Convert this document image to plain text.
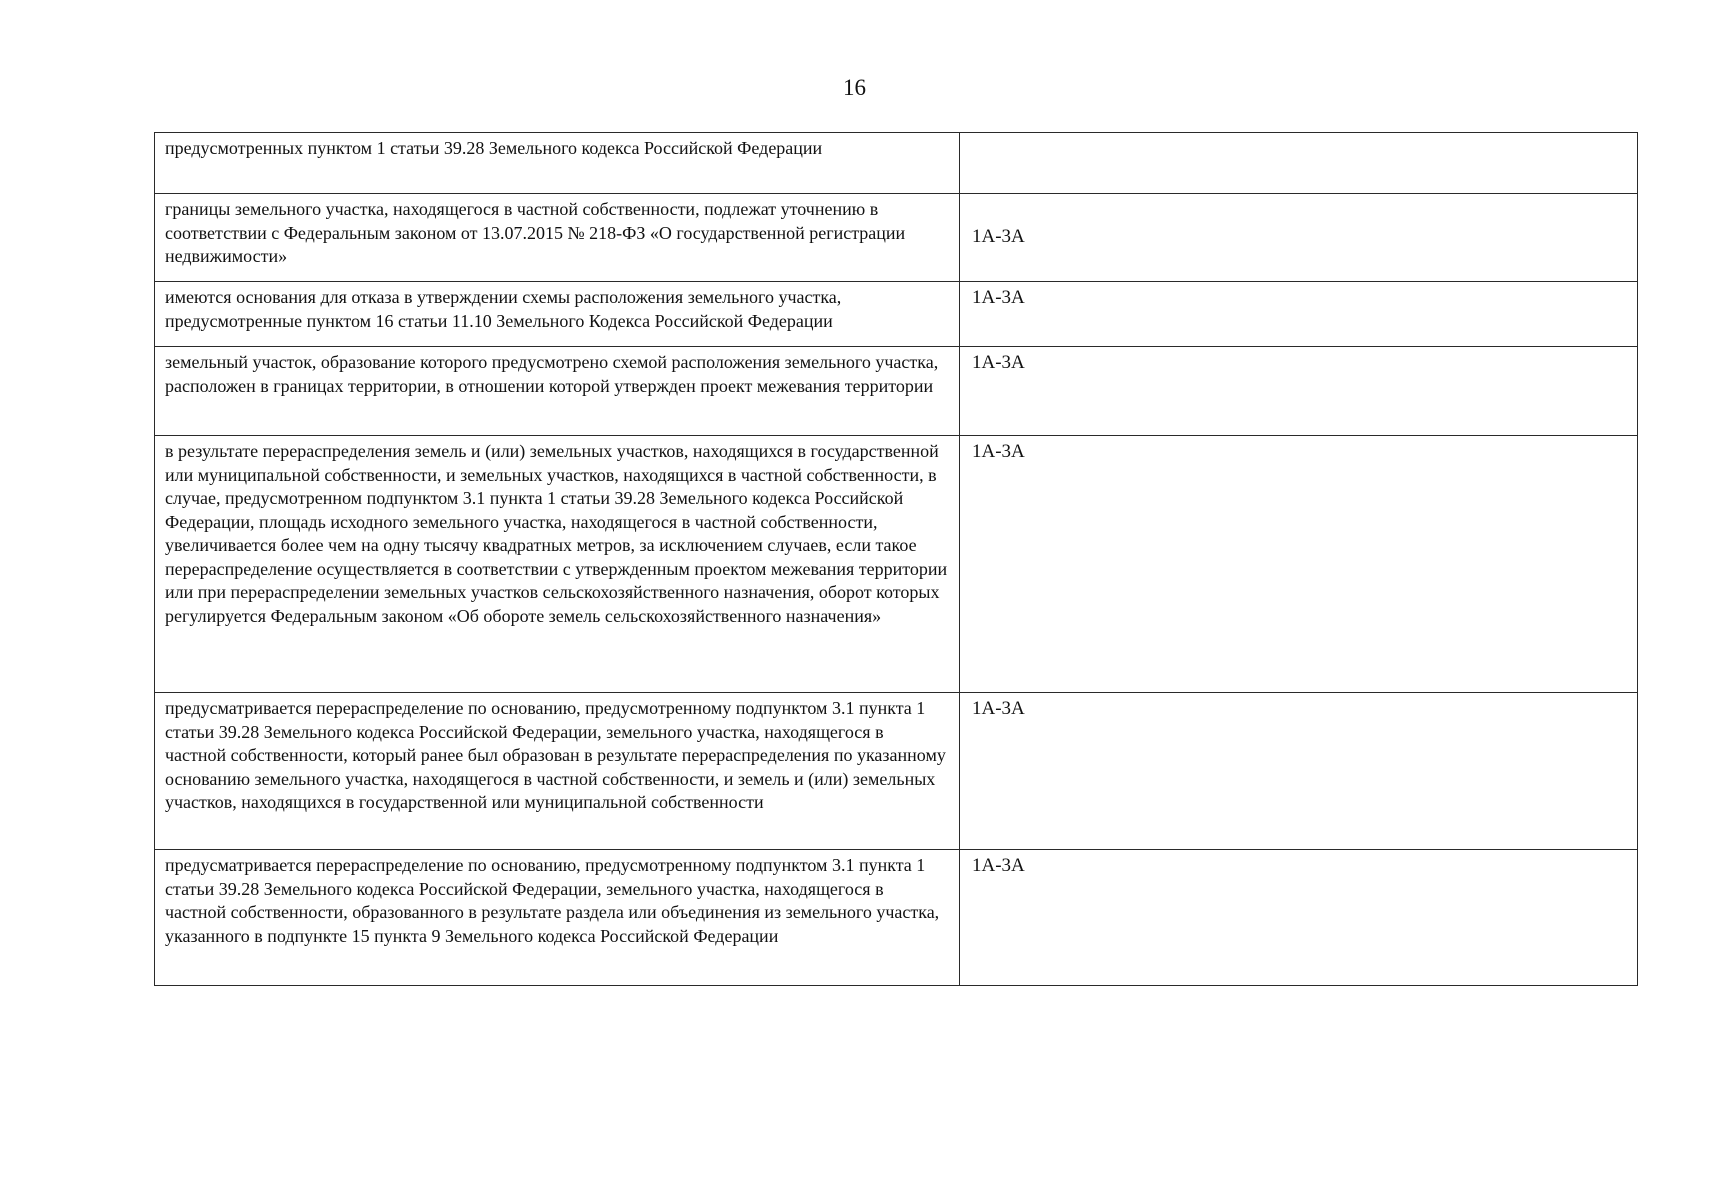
16
предусмотренных пунктом 1 статьи 39.28 Земельного кодекса Российской Федерации	
границы земельного участка, находящегося в частной собственности, подлежат уточнению в соответствии с Федеральным законом от 13.07.2015 № 218-ФЗ «О государственной регистрации недвижимости»	1А-3А
имеются основания для отказа в утверждении схемы расположения земельного участка, предусмотренные пунктом 16 статьи 11.10 Земельного Кодекса Российской Федерации	1А-3А
земельный участок, образование которого предусмотрено схемой расположения земельного участка, расположен в границах территории, в отношении которой утвержден проект межевания территории	1А-3А
в результате перераспределения земель и (или) земельных участков, находящихся в государственной или муниципальной собственности, и земельных участков, находящихся в частной собственности, в случае, предусмотренном подпунктом 3.1 пункта 1 статьи 39.28 Земельного кодекса Российской Федерации, площадь исходного земельного участка, находящегося в частной собственности, увеличивается более чем на одну тысячу квадратных метров, за исключением случаев, если такое перераспределение осуществляется в соответствии с утвержденным проектом межевания территории или при перераспределении земельных участков сельскохозяйственного назначения, оборот которых регулируется Федеральным законом «Об обороте земель сельскохозяйственного назначения»	1А-3А
предусматривается перераспределение по основанию, предусмотренному подпунктом 3.1 пункта 1 статьи 39.28 Земельного кодекса Российской Федерации, земельного участка, находящегося в частной собственности, который ранее был образован в результате перераспределения по указанному основанию земельного участка, находящегося в частной собственности, и земель и (или) земельных участков, находящихся в государственной или муниципальной собственности	1А-3А
предусматривается перераспределение по основанию, предусмотренному подпунктом 3.1 пункта 1 статьи 39.28 Земельного кодекса Российской Федерации, земельного участка, находящегося в частной собственности, образованного в результате раздела или объединения из земельного участка, указанного в подпункте 15 пункта 9 Земельного кодекса Российской Федерации	1А-3А
